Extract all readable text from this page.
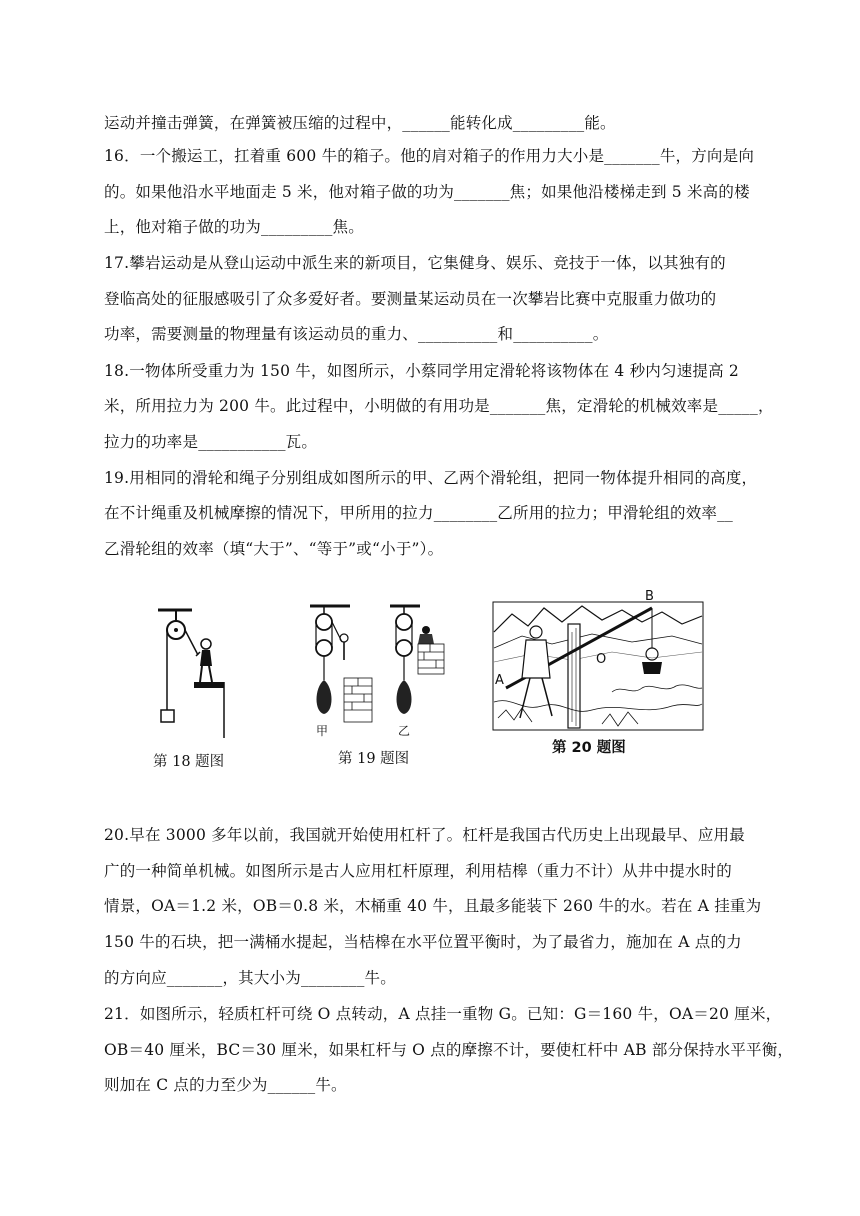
运动并撞击弹簧，在弹簧被压缩的过程中，______能转化成_________能。
16．一个搬运工，扛着重 600 牛的箱子。他的肩对箱子的作用力大小是_______牛，方向是向
的。如果他沿水平地面走 5 米，他对箱子做的功为_______焦；如果他沿楼梯走到 5 米高的楼
上，他对箱子做的功为_________焦。
17.攀岩运动是从登山运动中派生来的新项目，它集健身、娱乐、竞技于一体，以其独有的
登临高处的征服感吸引了众多爱好者。要测量某运动员在一次攀岩比赛中克服重力做功的
功率，需要测量的物理量有该运动员的重力、__________和__________。
18.一物体所受重力为 150 牛，如图所示，小蔡同学用定滑轮将该物体在 4 秒内匀速提高 2
米，所用拉力为 200 牛。此过程中，小明做的有用功是_______焦，定滑轮的机械效率是_____，
拉力的功率是___________瓦。
19.用相同的滑轮和绳子分别组成如图所示的甲、乙两个滑轮组，把同一物体提升相同的高度，
在不计绳重及机械摩擦的情况下，甲所用的拉力________乙所用的拉力；甲滑轮组的效率__
乙滑轮组的效率（填“大于”、“等于”或“小于”）。
第 18 题图
甲	乙
第 19 题图
B
A
O
第 20 题图
20.早在 3000 多年以前，我国就开始使用杠杆了。杠杆是我国古代历史上出现最早、应用最
广的一种简单机械。如图所示是古人应用杠杆原理，利用桔槔（重力不计）从井中提水时的
情景，OA＝1.2 米，OB＝0.8 米，木桶重 40 牛，且最多能装下 260 牛的水。若在 A 挂重为
150 牛的石块，把一满桶水提起，当桔槔在水平位置平衡时，为了最省力，施加在 A 点的力
的方向应_______，其大小为________牛。
21．如图所示，轻质杠杆可绕 O 点转动，A 点挂一重物 G。已知：G＝160 牛，OA＝20 厘米，
OB＝40 厘米，BC＝30 厘米，如果杠杆与 O 点的摩擦不计，要使杠杆中 AB 部分保持水平平衡，
则加在 C 点的力至少为______牛。
